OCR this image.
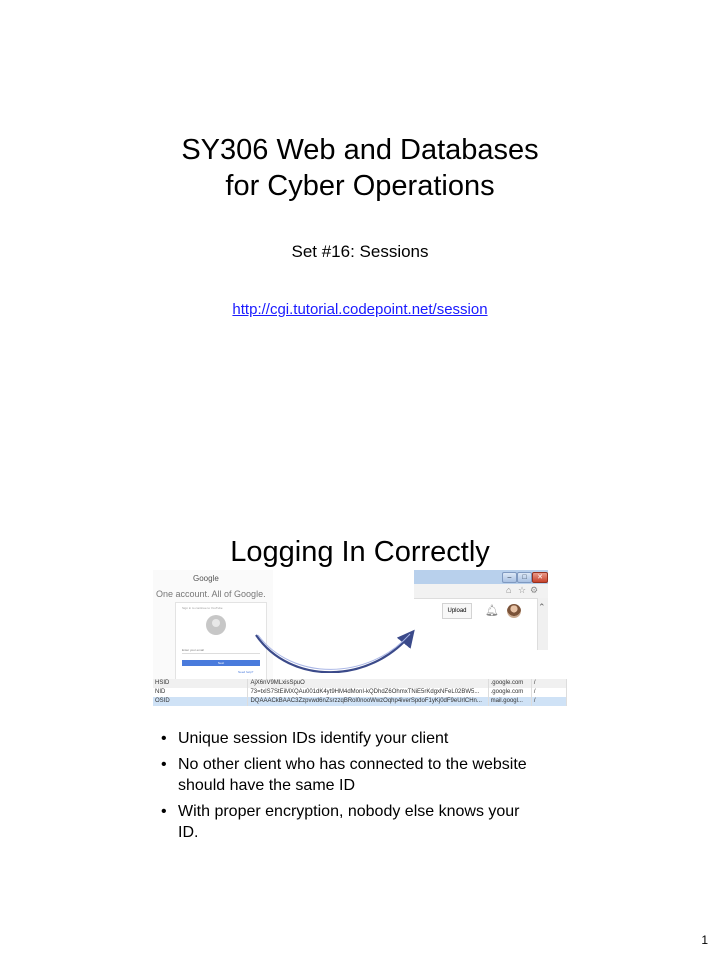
SY306 Web and Databases
for Cyber Operations
Set #16: Sessions
http://cgi.tutorial.codepoint.net/session
Logging In Correctly
Google
One account. All of Google.
Sign in to continue to YouTube
Enter your email
Next
Need help?
–	□	✕
⌂ ☆ ⚙
Upload	🔔︎	⌃
HSID	AjX6nV9MLxisSpuO	.google.com	/
NID	73=txlS7StEiMXQAu001dK4yt9HM4dMonI-kQDhdZ6OhmxTNiE5rKdgxNFeL02BW5...	.google.com	/
OSID	DQAAACkBAAC3Zzpvwd6nZsrzzqBRol0nooWwzOqhp4iverSpdoF1yKj0dF9eUrlCHn...	mail.googl...	/
• Unique session IDs identify your client
• No other client who has connected to the website should have the same ID
• With proper encryption, nobody else knows your ID.
1
